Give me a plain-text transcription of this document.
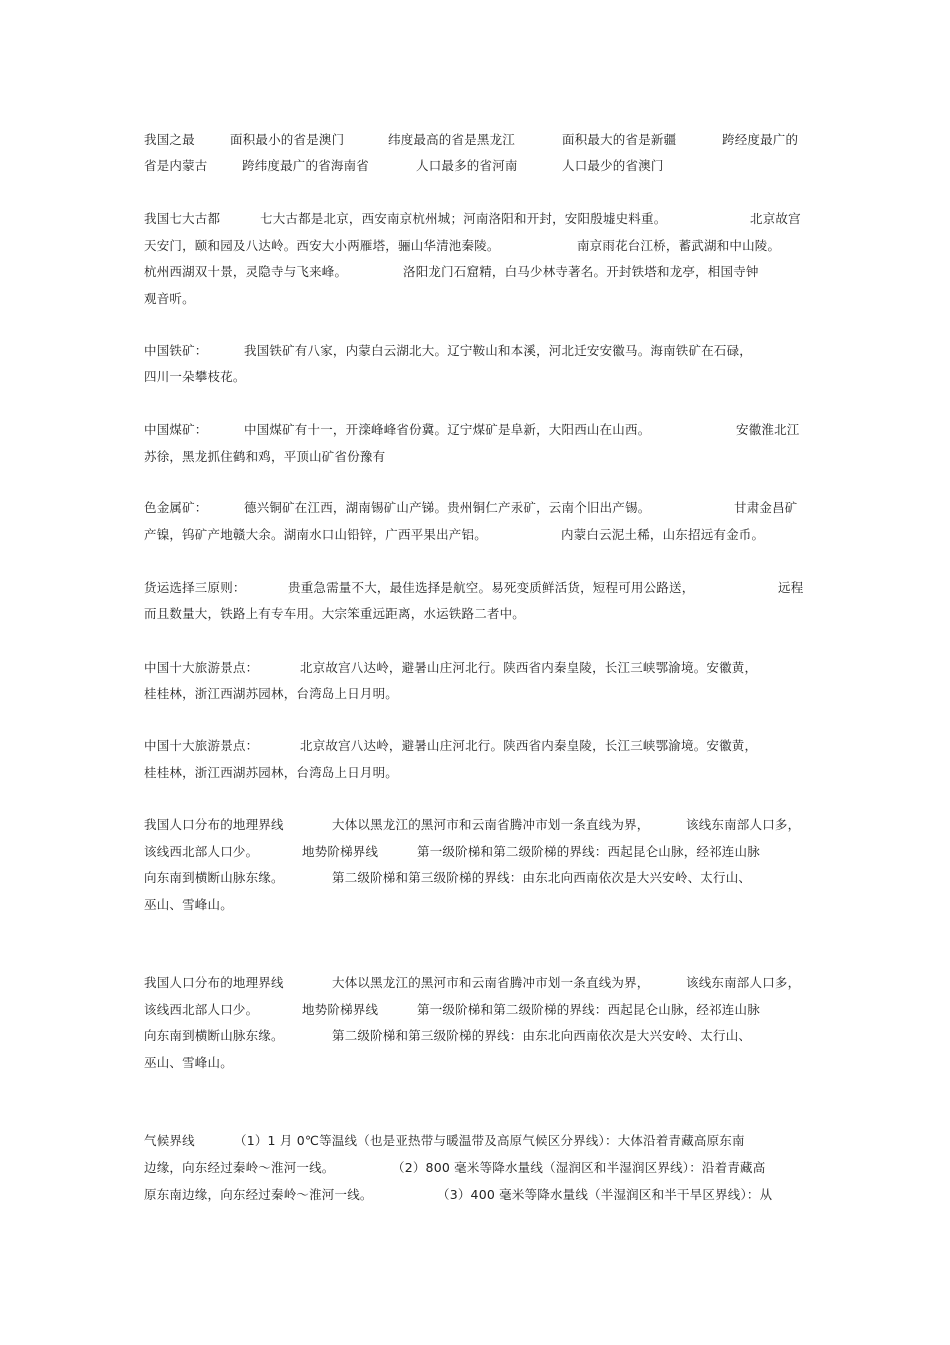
我国之最	面积最小的省是澳门	纬度最高的省是黑龙江	面积最大的省是新疆	跨经度最广的
省是内蒙古	跨纬度最广的省海南省	人口最多的省河南	人口最少的省澳门
我国七大古都	七大古都是北京，西安南京杭州城；河南洛阳和开封，安阳殷墟史料重。	北京故宫
天安门，颐和园及八达岭。西安大小两雁塔，骊山华清池秦陵。	南京雨花台江桥，蓄武湖和中山陵。
杭州西湖双十景，灵隐寺与飞来峰。	洛阳龙门石窟精，白马少林寺著名。开封铁塔和龙亭，相国寺钟
观音听。
中国铁矿：	我国铁矿有八家，内蒙白云湖北大。辽宁鞍山和本溪，河北迁安安徽马。海南铁矿在石碌，
四川一朵攀枝花。
中国煤矿：	中国煤矿有十一，开滦峰峰省份冀。辽宁煤矿是阜新，大阳西山在山西。	安徽淮北江
苏徐，黑龙抓住鹤和鸡，平顶山矿省份豫有
色金属矿：	德兴铜矿在江西，湖南锡矿山产锑。贵州铜仁产汞矿，云南个旧出产锡。	甘肃金昌矿
产镍，钨矿产地赣大余。湖南水口山铅锌，广西平果出产铝。	内蒙白云泥土稀，山东招远有金币。
货运选择三原则：	贵重急需量不大，最佳选择是航空。易死变质鲜活货，短程可用公路送，	远程
而且数量大，铁路上有专车用。大宗笨重远距离，水运铁路二者中。
中国十大旅游景点：	北京故宫八达岭，避暑山庄河北行。陕西省内秦皇陵，长江三峡鄂渝境。安徽黄，
桂桂林，浙江西湖苏园林，台湾岛上日月明。
中国十大旅游景点：	北京故宫八达岭，避暑山庄河北行。陕西省内秦皇陵，长江三峡鄂渝境。安徽黄，
桂桂林，浙江西湖苏园林，台湾岛上日月明。
我国人口分布的地理界线	大体以黑龙江的黑河市和云南省腾冲市划一条直线为界，	该线东南部人口多，
该线西北部人口少。	地势阶梯界线	第一级阶梯和第二级阶梯的界线：西起昆仑山脉，经祁连山脉
向东南到横断山脉东缘。	第二级阶梯和第三级阶梯的界线：由东北向西南依次是大兴安岭、太行山、
巫山、雪峰山。
我国人口分布的地理界线	大体以黑龙江的黑河市和云南省腾冲市划一条直线为界，	该线东南部人口多，
该线西北部人口少。	地势阶梯界线	第一级阶梯和第二级阶梯的界线：西起昆仑山脉，经祁连山脉
向东南到横断山脉东缘。	第二级阶梯和第三级阶梯的界线：由东北向西南依次是大兴安岭、太行山、
巫山、雪峰山。
气候界线	（1）1 月 0℃等温线（也是亚热带与暖温带及高原气候区分界线）：大体沿着青藏高原东南
边缘，向东经过秦岭～淮河一线。	（2）800 毫米等降水量线（湿润区和半湿润区界线）：沿着青藏高
原东南边缘，向东经过秦岭～淮河一线。	（3）400 毫米等降水量线（半湿润区和半干旱区界线）：从
